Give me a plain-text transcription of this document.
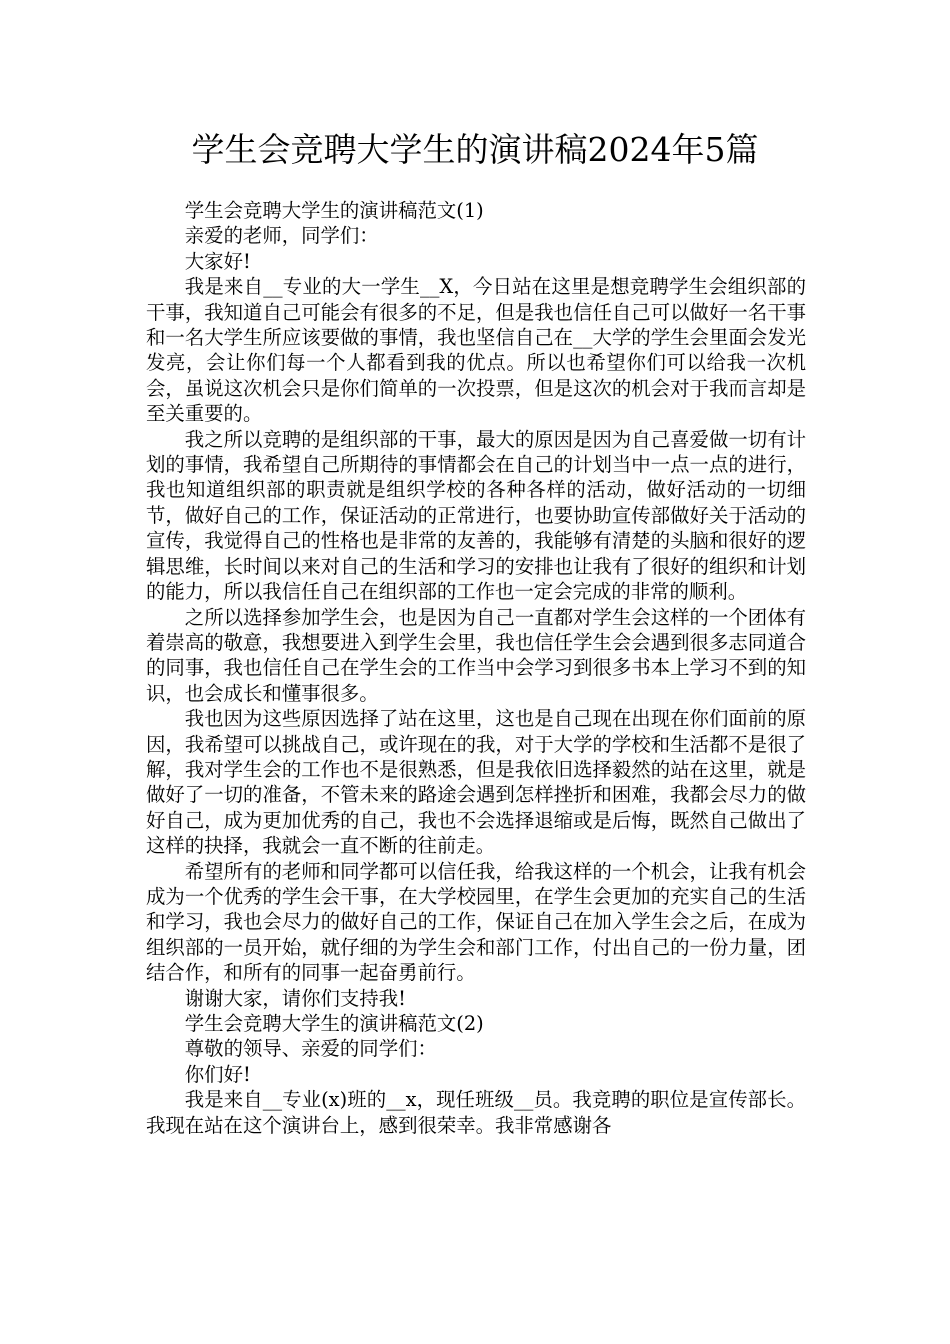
学生会竞聘大学生的演讲稿2024年5篇

学生会竞聘大学生的演讲稿范文(1)

亲爱的老师，同学们：

大家好!

我是来自__专业的大一学生__X，今日站在这里是想竞聘学生会组织部的干事，我知道自己可能会有很多的不足，但是我也信任自己可以做好一名干事和一名大学生所应该要做的事情，我也坚信自己在__大学的学生会里面会发光发亮，会让你们每一个人都看到我的优点。所以也希望你们可以给我一次机会，虽说这次机会只是你们简单的一次投票，但是这次的机会对于我而言却是至关重要的。

我之所以竞聘的是组织部的干事，最大的原因是因为自己喜爱做一切有计划的事情，我希望自己所期待的事情都会在自己的计划当中一点一点的进行，我也知道组织部的职责就是组织学校的各种各样的活动，做好活动的一切细节，做好自己的工作，保证活动的正常进行，也要协助宣传部做好关于活动的宣传，我觉得自己的性格也是非常的友善的，我能够有清楚的头脑和很好的逻辑思维，长时间以来对自己的生活和学习的安排也让我有了很好的组织和计划的能力，所以我信任自己在组织部的工作也一定会完成的非常的顺利。

之所以选择参加学生会，也是因为自己一直都对学生会这样的一个团体有着崇高的敬意，我想要进入到学生会里，我也信任学生会会遇到很多志同道合的同事，我也信任自己在学生会的工作当中会学习到很多书本上学习不到的知识，也会成长和懂事很多。

我也因为这些原因选择了站在这里，这也是自己现在出现在你们面前的原因，我希望可以挑战自己，或许现在的我，对于大学的学校和生活都不是很了解，我对学生会的工作也不是很熟悉，但是我依旧选择毅然的站在这里，就是做好了一切的准备，不管未来的路途会遇到怎样挫折和困难，我都会尽力的做好自己，成为更加优秀的自己，我也不会选择退缩或是后悔，既然自己做出了这样的抉择，我就会一直不断的往前走。

希望所有的老师和同学都可以信任我，给我这样的一个机会，让我有机会成为一个优秀的学生会干事，在大学校园里，在学生会更加的充实自己的生活和学习，我也会尽力的做好自己的工作，保证自己在加入学生会之后，在成为组织部的一员开始，就仔细的为学生会和部门工作，付出自己的一份力量，团结合作，和所有的同事一起奋勇前行。

谢谢大家，请你们支持我!

学生会竞聘大学生的演讲稿范文(2)

尊敬的领导、亲爱的同学们：

你们好!

我是来自__专业(x)班的__x，现任班级__员。我竞聘的职位是宣传部长。我现在站在这个演讲台上，感到很荣幸。我非常感谢各
